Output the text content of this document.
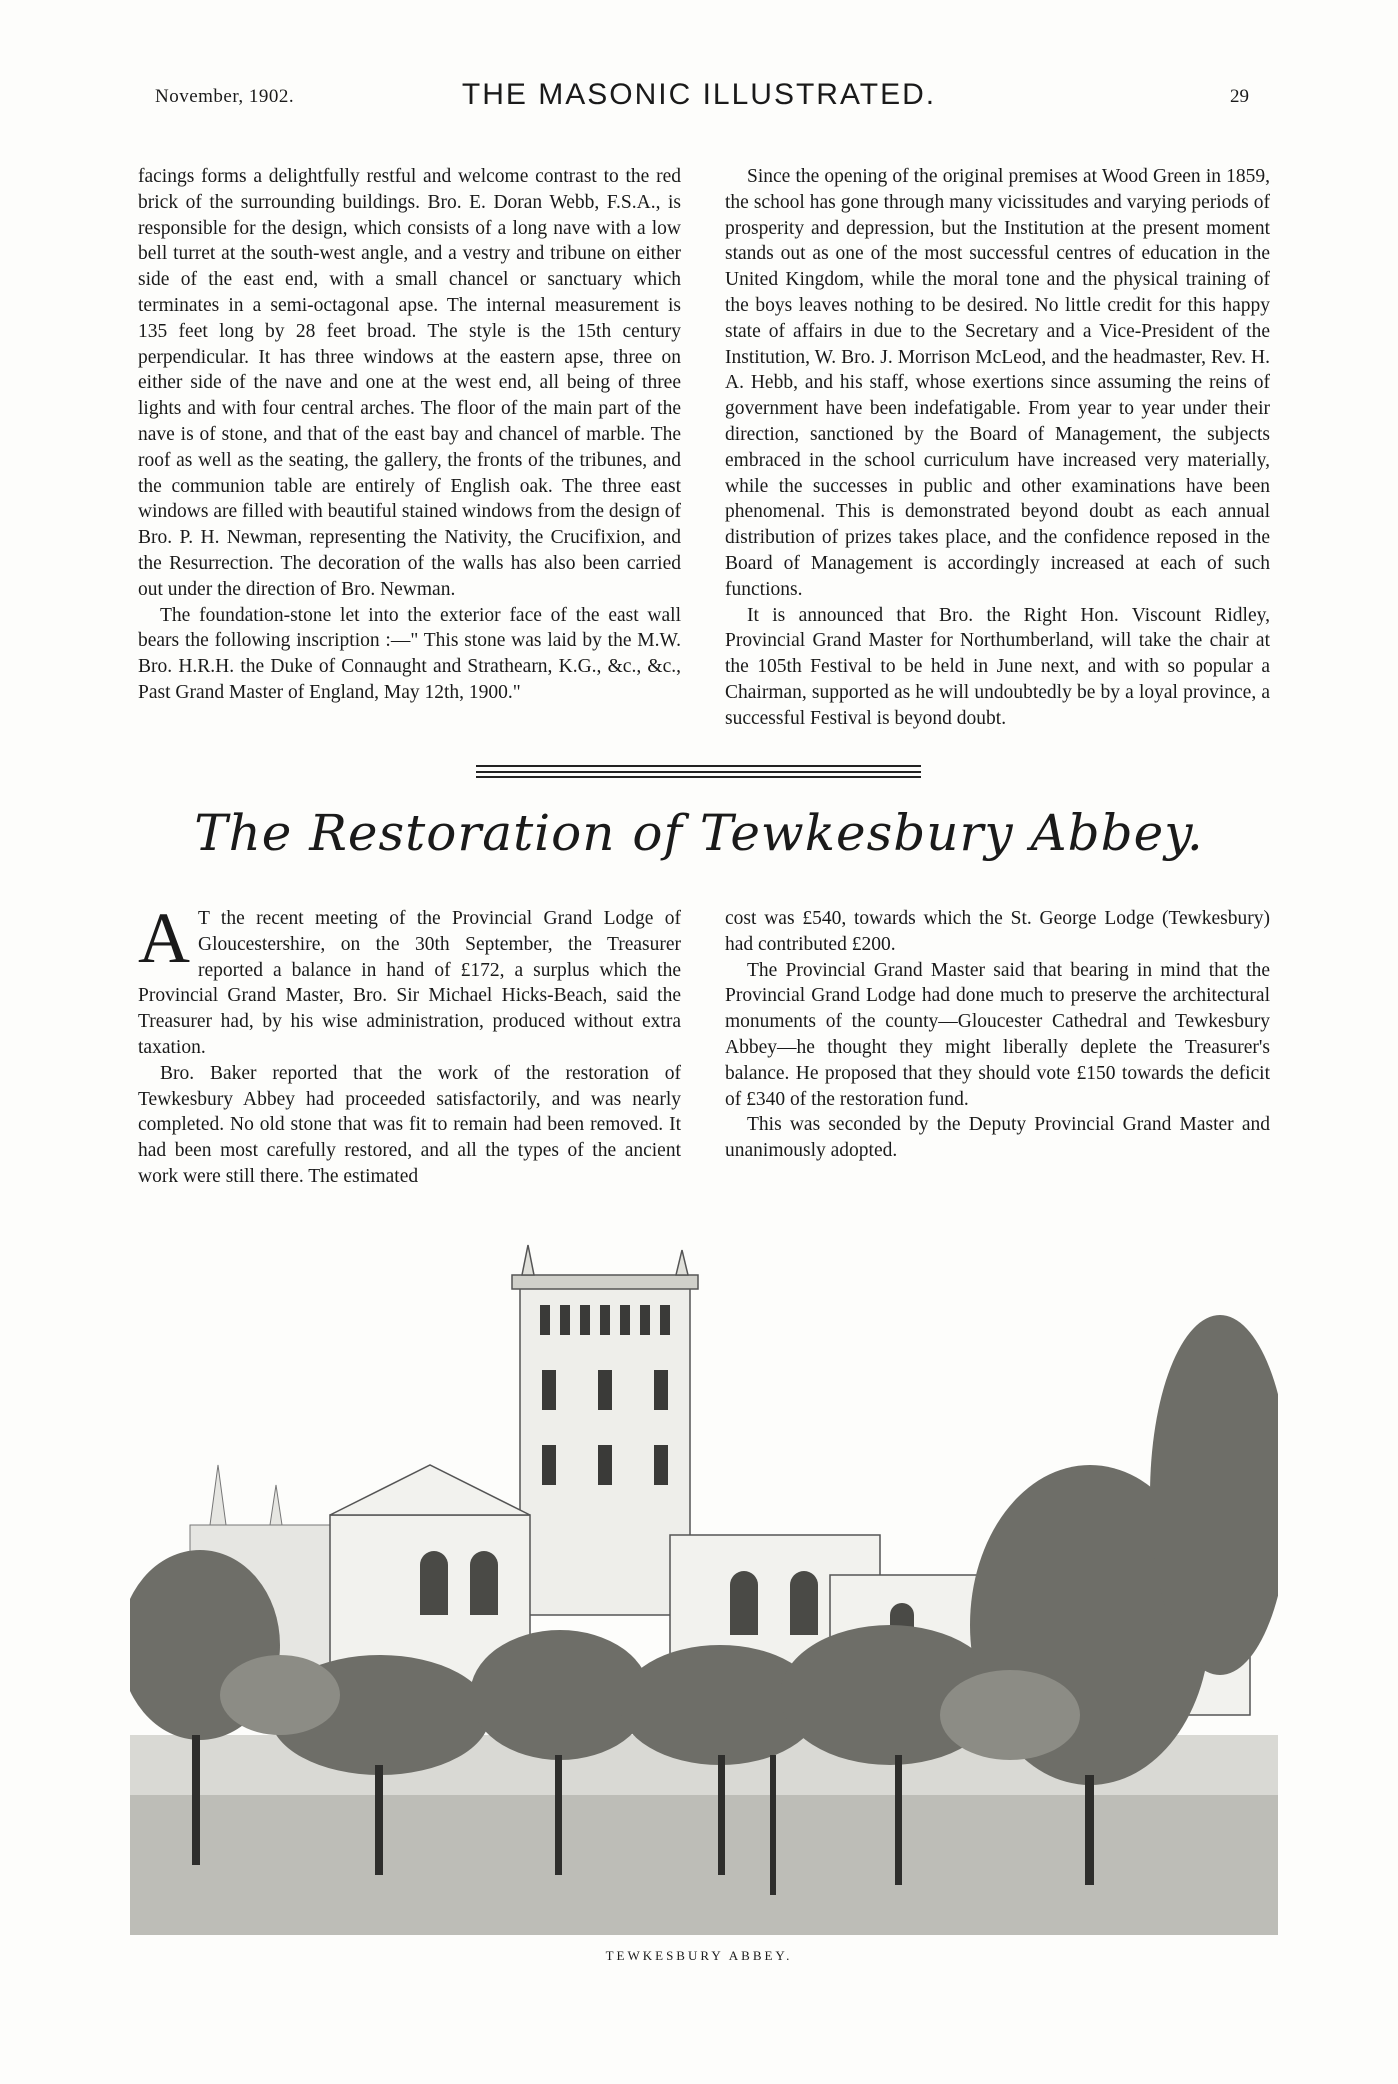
November, 1902.	THE MASONIC ILLUSTRATED.	29

facings forms a delightfully restful and welcome contrast to the red brick of the surrounding buildings. Bro. E. Doran Webb, F.S.A., is responsible for the design, which consists of a long nave with a low bell turret at the south-west angle, and a vestry and tribune on either side of the east end, with a small chancel or sanctuary which terminates in a semi-octagonal apse. The internal measurement is 135 feet long by 28 feet broad. The style is the 15th century perpendicular. It has three windows at the eastern apse, three on either side of the nave and one at the west end, all being of three lights and with four central arches. The floor of the main part of the nave is of stone, and that of the east bay and chancel of marble. The roof as well as the seating, the gallery, the fronts of the tribunes, and the communion table are entirely of English oak. The three east windows are filled with beautiful stained windows from the design of Bro. P. H. Newman, representing the Nativity, the Crucifixion, and the Resurrection. The decoration of the walls has also been carried out under the direction of Bro. Newman.

The foundation-stone let into the exterior face of the east wall bears the following inscription :—" This stone was laid by the M.W. Bro. H.R.H. the Duke of Connaught and Strathearn, K.G., &c., &c., Past Grand Master of England, May 12th, 1900."

Since the opening of the original premises at Wood Green in 1859, the school has gone through many vicissitudes and varying periods of prosperity and depression, but the Institution at the present moment stands out as one of the most successful centres of education in the United Kingdom, while the moral tone and the physical training of the boys leaves nothing to be desired. No little credit for this happy state of affairs in due to the Secretary and a Vice-President of the Institution, W. Bro. J. Morrison McLeod, and the headmaster, Rev. H. A. Hebb, and his staff, whose exertions since assuming the reins of government have been indefatigable. From year to year under their direction, sanctioned by the Board of Management, the subjects embraced in the school curriculum have increased very materially, while the successes in public and other examinations have been phenomenal. This is demonstrated beyond doubt as each annual distribution of prizes takes place, and the confidence reposed in the Board of Management is accordingly increased at each of such functions.

It is announced that Bro. the Right Hon. Viscount Ridley, Provincial Grand Master for Northumberland, will take the chair at the 105th Festival to be held in June next, and with so popular a Chairman, supported as he will undoubtedly be by a loyal province, a successful Festival is beyond doubt.

The Restoration of Tewkesbury Abbey.

A T the recent meeting of the Provincial Grand Lodge of Gloucestershire, on the 30th September, the Treasurer reported a balance in hand of £172, a surplus which the Provincial Grand Master, Bro. Sir Michael Hicks-Beach, said the Treasurer had, by his wise administration, produced without extra taxation.

Bro. Baker reported that the work of the restoration of Tewkesbury Abbey had proceeded satisfactorily, and was nearly completed. No old stone that was fit to remain had been removed. It had been most carefully restored, and all the types of the ancient work were still there. The estimated

cost was £540, towards which the St. George Lodge (Tewkesbury) had contributed £200.

The Provincial Grand Master said that bearing in mind that the Provincial Grand Lodge had done much to preserve the architectural monuments of the county—Gloucester Cathedral and Tewkesbury Abbey—he thought they might liberally deplete the Treasurer's balance. He proposed that they should vote £150 towards the deficit of £340 of the restoration fund.

This was seconded by the Deputy Provincial Grand Master and unanimously adopted.

TEWKESBURY ABBEY.
